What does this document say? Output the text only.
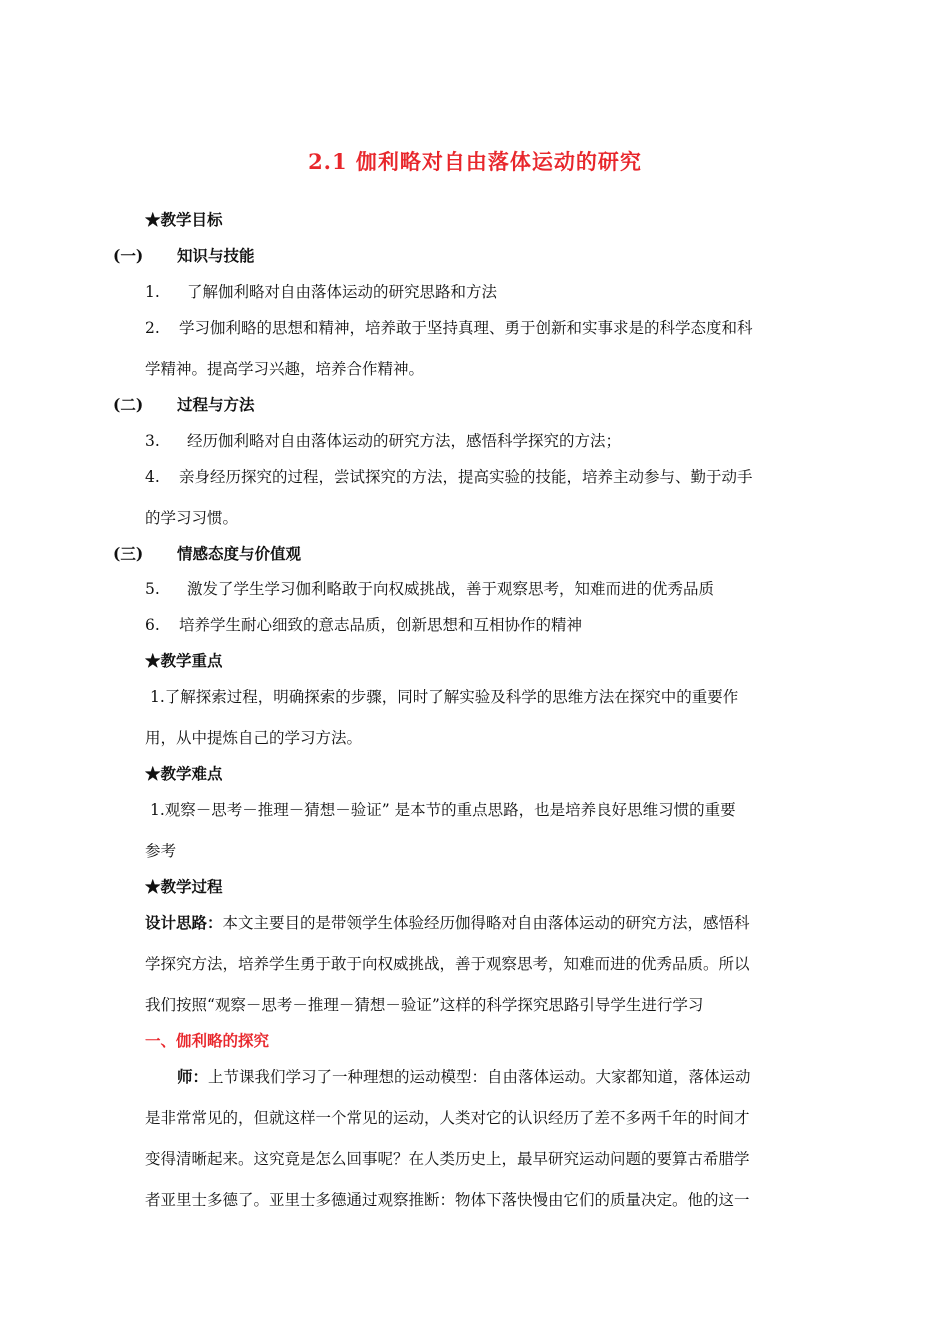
2.1 伽利略对自由落体运动的研究
★教学目标
(一) 知识与技能
1. 了解伽利略对自由落体运动的研究思路和方法
2. 学习伽利略的思想和精神，培养敢于坚持真理、勇于创新和实事求是的科学态度和科
学精神。提高学习兴趣，培养合作精神。
(二) 过程与方法
3. 经历伽利略对自由落体运动的研究方法，感悟科学探究的方法；
4. 亲身经历探究的过程，尝试探究的方法，提高实验的技能，培养主动参与、勤于动手
的学习习惯。
(三) 情感态度与价值观
5. 激发了学生学习伽利略敢于向权威挑战，善于观察思考，知难而进的优秀品质
6. 培养学生耐心细致的意志品质，创新思想和互相协作的精神
★教学重点
1.了解探索过程，明确探索的步骤，同时了解实验及科学的思维方法在探究中的重要作
用，从中提炼自己的学习方法。
★教学难点
1.观察－思考－推理－猜想－验证” 是本节的重点思路，也是培养良好思维习惯的重要
参考
★教学过程
设计思路：本文主要目的是带领学生体验经历伽得略对自由落体运动的研究方法，感悟科
学探究方法，培养学生勇于敢于向权威挑战，善于观察思考，知难而进的优秀品质。所以
我们按照“观察－思考－推理－猜想－验证”这样的科学探究思路引导学生进行学习
一、伽利略的探究
师：上节课我们学习了一种理想的运动模型：自由落体运动。大家都知道，落体运动
是非常常见的，但就这样一个常见的运动，人类对它的认识经历了差不多两千年的时间才
变得清晰起来。这究竟是怎么回事呢？在人类历史上，最早研究运动问题的要算古希腊学
者亚里士多德了。亚里士多德通过观察推断：物体下落快慢由它们的质量决定。他的这一
